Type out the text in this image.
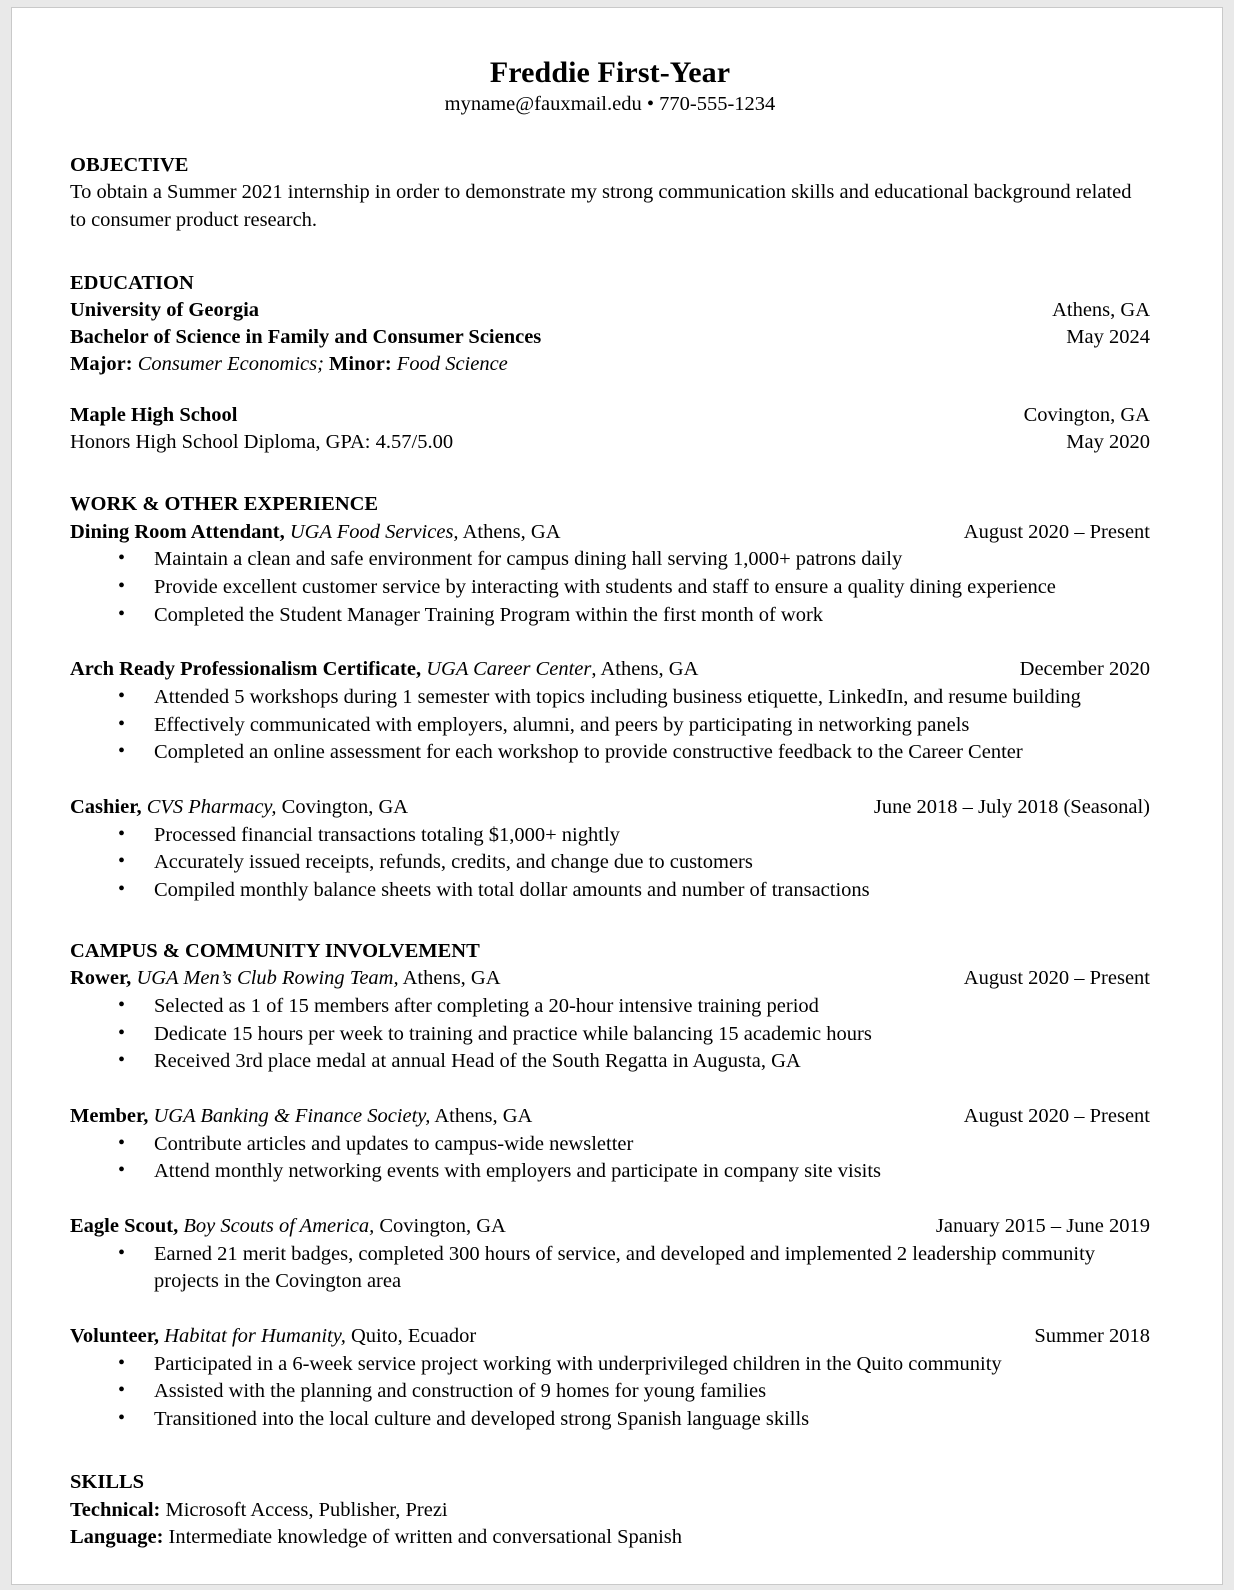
Freddie First-Year
myname@fauxmail.edu • 770-555-1234
OBJECTIVE

To obtain a Summer 2021 internship in order to demonstrate my strong communication skills and educational background related to consumer product research.

EDUCATION
University of Georgia	Athens, GA
Bachelor of Science in Family and Consumer Sciences	May 2024
Major: Consumer Economics; Minor: Food Science
Maple High School	Covington, GA
Honors High School Diploma, GPA: 4.57/5.00	May 2020
WORK & OTHER EXPERIENCE
Dining Room Attendant, UGA Food Services, Athens, GA	August 2020 – Present
• Maintain a clean and safe environment for campus dining hall serving 1,000+ patrons daily
• Provide excellent customer service by interacting with students and staff to ensure a quality dining experience
• Completed the Student Manager Training Program within the first month of work
Arch Ready Professionalism Certificate, UGA Career Center, Athens, GA	December 2020
• Attended 5 workshops during 1 semester with topics including business etiquette, LinkedIn, and resume building
• Effectively communicated with employers, alumni, and peers by participating in networking panels
• Completed an online assessment for each workshop to provide constructive feedback to the Career Center
Cashier, CVS Pharmacy, Covington, GA	June 2018 – July 2018 (Seasonal)
• Processed financial transactions totaling $1,000+ nightly
• Accurately issued receipts, refunds, credits, and change due to customers
• Compiled monthly balance sheets with total dollar amounts and number of transactions
CAMPUS & COMMUNITY INVOLVEMENT
Rower, UGA Men’s Club Rowing Team, Athens, GA	August 2020 – Present
• Selected as 1 of 15 members after completing a 20-hour intensive training period
• Dedicate 15 hours per week to training and practice while balancing 15 academic hours
• Received 3rd place medal at annual Head of the South Regatta in Augusta, GA
Member, UGA Banking & Finance Society, Athens, GA	August 2020 – Present
• Contribute articles and updates to campus-wide newsletter
• Attend monthly networking events with employers and participate in company site visits
Eagle Scout, Boy Scouts of America, Covington, GA	January 2015 – June 2019
• Earned 21 merit badges, completed 300 hours of service, and developed and implemented 2 leadership community projects in the Covington area
Volunteer, Habitat for Humanity, Quito, Ecuador	Summer 2018
• Participated in a 6-week service project working with underprivileged children in the Quito community
• Assisted with the planning and construction of 9 homes for young families
• Transitioned into the local culture and developed strong Spanish language skills
SKILLS
Technical: Microsoft Access, Publisher, Prezi
Language: Intermediate knowledge of written and conversational Spanish
